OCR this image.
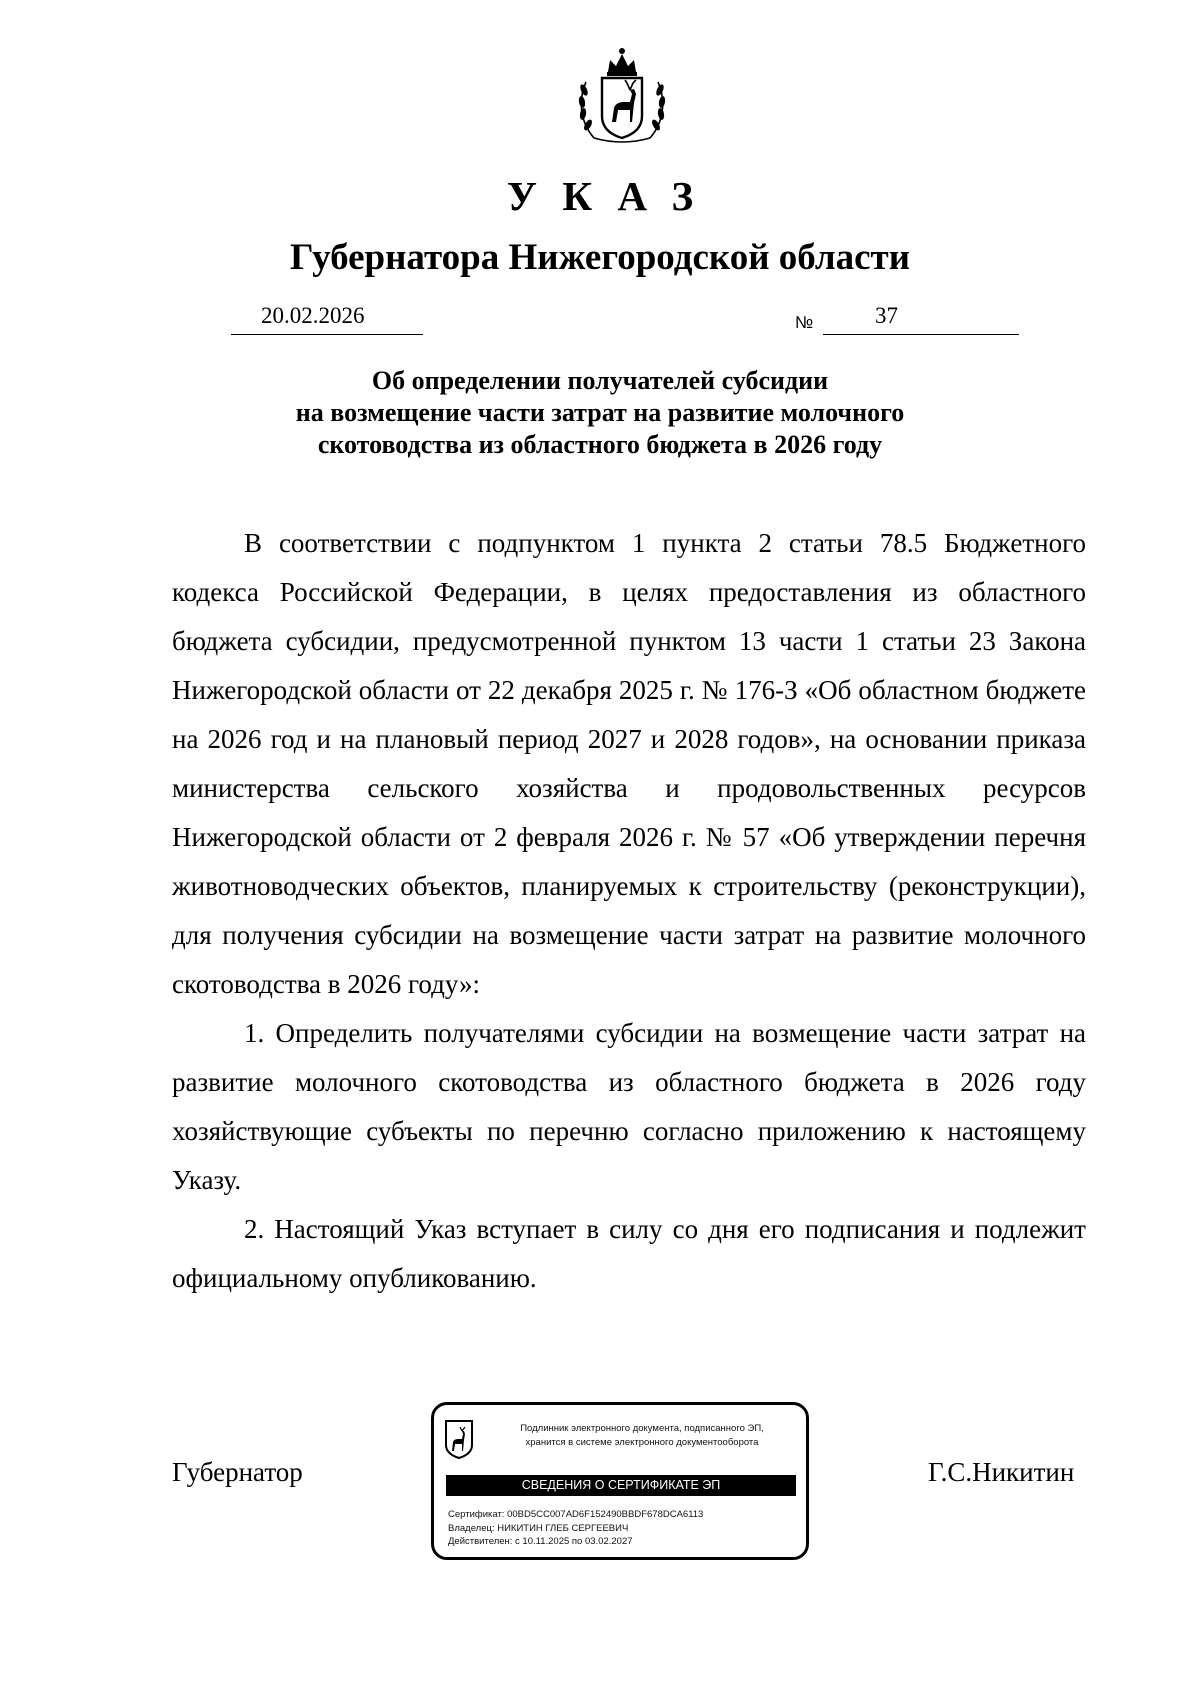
УКАЗ
Губернатора Нижегородской области
20.02.2026	№	37
Об определении получателей субсидии
на возмещение части затрат на развитие молочного
скотоводства из областного бюджета в 2026 году

В соответствии с подпунктом 1 пункта 2 статьи 78.5 Бюджетного кодекса Российской Федерации, в целях предоставления из областного бюджета субсидии, предусмотренной пунктом 13 части 1 статьи 23 Закона Нижегородской области от 22 декабря 2025 г. № 176-З «Об областном бюджете на 2026 год и на плановый период 2027 и 2028 годов», на основании приказа министерства сельского хозяйства и продовольственных ресурсов Нижегородской области от 2 февраля 2026 г. № 57 «Об утверждении перечня животноводческих объектов, планируемых к строительству (реконструкции), для получения субсидии на возмещение части затрат на развитие молочного скотоводства в 2026 году»:

1. Определить получателями субсидии на возмещение части затрат на развитие молочного скотоводства из областного бюджета в 2026 году хозяйствующие субъекты по перечню согласно приложению к настоящему Указу.

2. Настоящий Указ вступает в силу со дня его подписания и подлежит официальному опубликованию.

Губернатор
Подлинник электронного документа, подписанного ЭП,
хранится в системе электронного документооборота
СВЕДЕНИЯ О СЕРТИФИКАТЕ ЭП
Сертификат: 00BD5CC007AD6F152490BBDF678DCA6113
Владелец: НИКИТИН ГЛЕБ СЕРГЕЕВИЧ
Действителен: с 10.11.2025 по 03.02.2027
Г.С.Никитин
